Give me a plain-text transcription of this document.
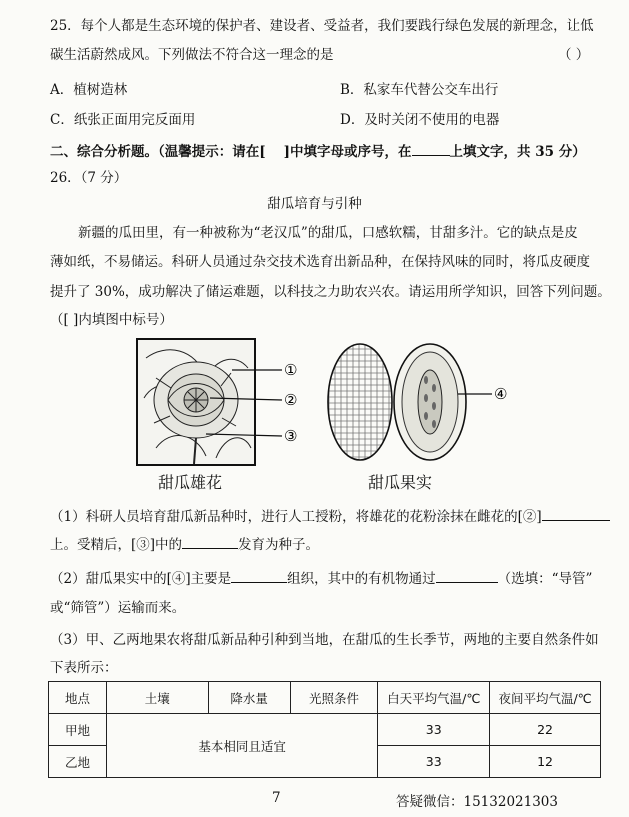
25．每个人都是生态环境的保护者、建设者、受益者，我们要践行绿色发展的新理念，让低
碳生活蔚然成风。下列做法不符合这一理念的是	（ ）
A．植树造林	B．私家车代替公交车出行
C．纸张正面用完反面用	D．及时关闭不使用的电器
二、综合分析题。（温馨提示：请在[ ]中填字母或序号，在	上填文字，共 35 分）
26．（7 分）
甜瓜培育与引种
新疆的瓜田里，有一种被称为“老汉瓜”的甜瓜，口感软糯，甘甜多汁。它的缺点是皮
薄如纸，不易储运。科研人员通过杂交技术选育出新品种，在保持风味的同时，将瓜皮硬度
提升了 30%，成功解决了储运难题，以科技之力助农兴农。请运用所学知识，回答下列问题。
（[ ]内填图中标号）
①
②
③
④
甜瓜雄花	甜瓜果实
（1）科研人员培育甜瓜新品种时，进行人工授粉，将雄花的花粉涂抹在雌花的[②]
上。受精后，[③]中的	发育为种子。
（2）甜瓜果实中的[④]主要是	组织，其中的有机物通过	（选填：“导管”
或“筛管”）运输而来。
（3）甲、乙两地果农将甜瓜新品种引种到当地，在甜瓜的生长季节，两地的主要自然条件如
下表所示：
地点	土壤	降水量	光照条件	白天平均气温/℃	夜间平均气温/℃
甲地	基本相同且适宜			33	22
乙地				33	12
7	答疑微信：15132021303
